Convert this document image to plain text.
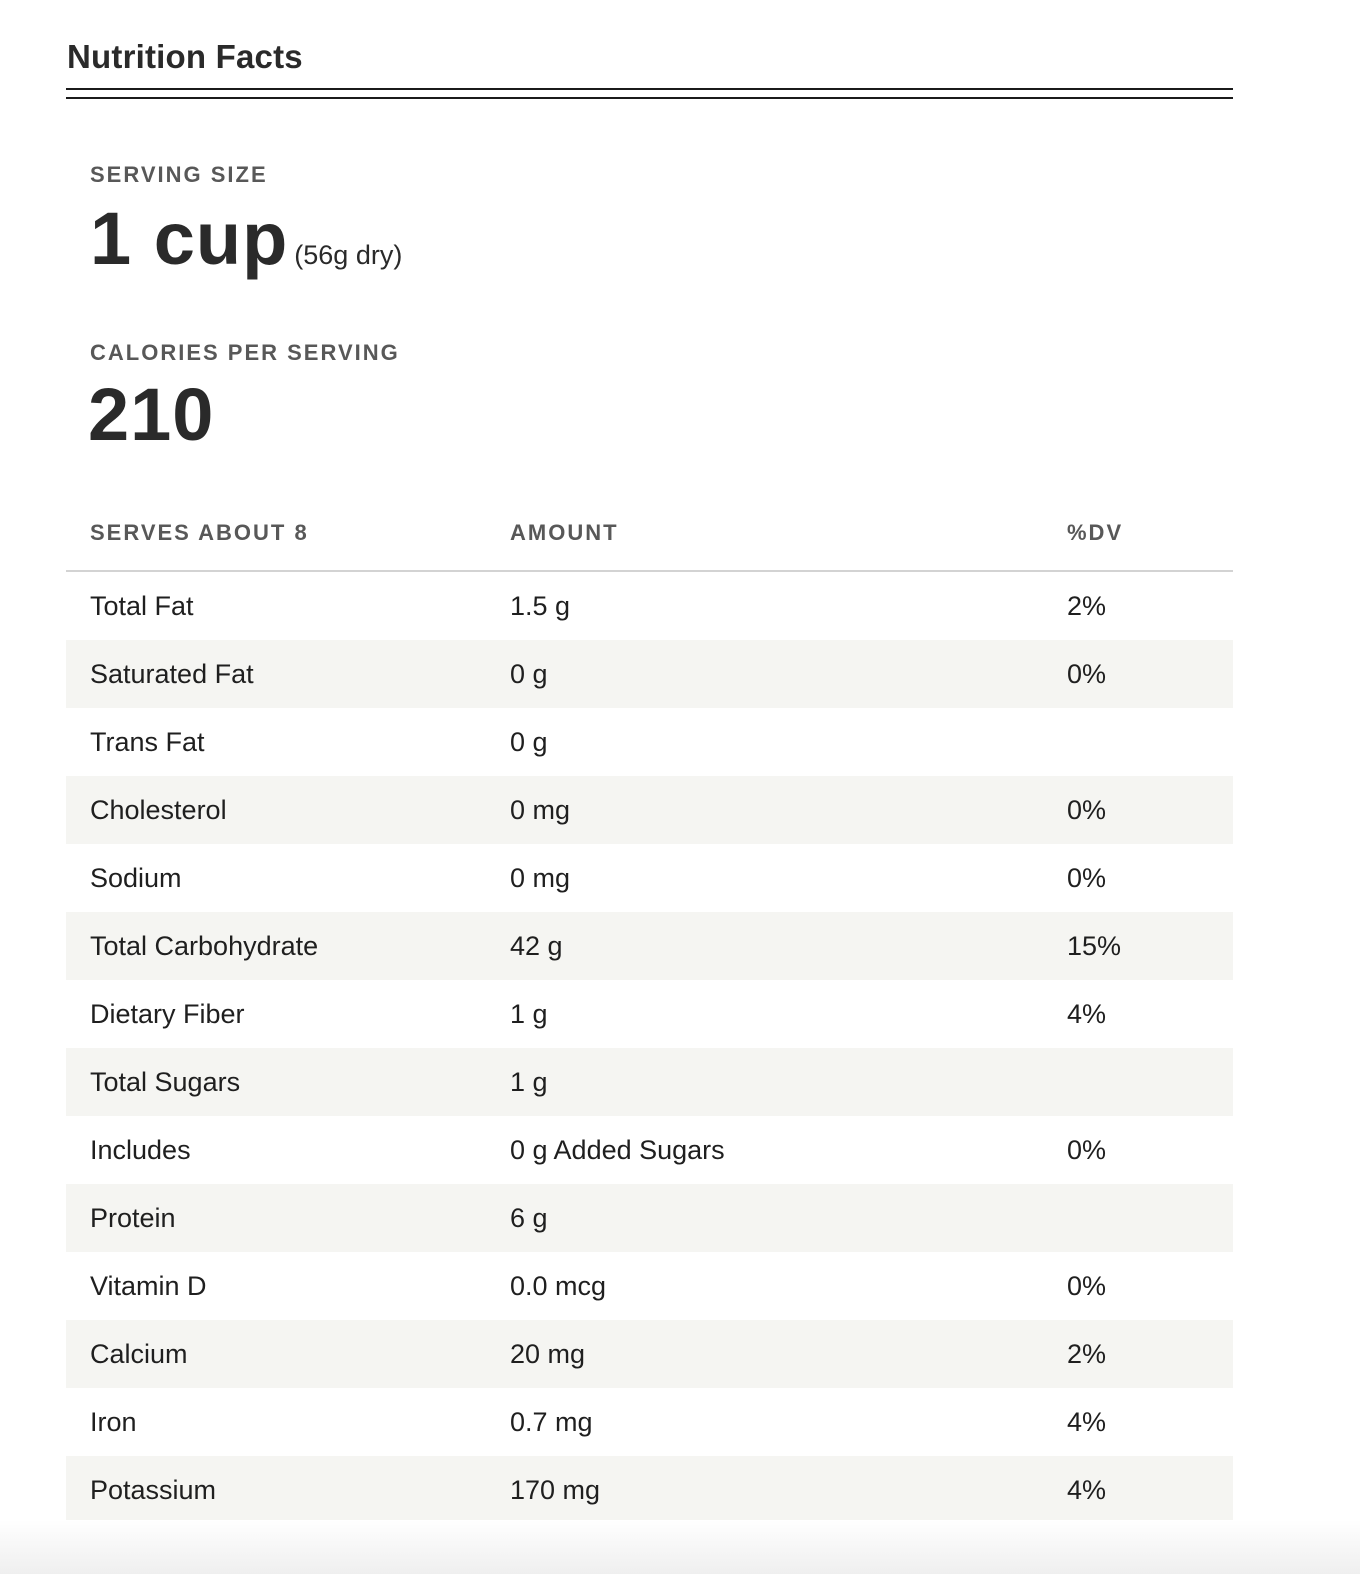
Nutrition Facts
SERVING SIZE
1 cup (56g dry)
CALORIES PER SERVING
210
SERVES ABOUT 8	AMOUNT	%DV
Total Fat	1.5 g	2%
Saturated Fat	0 g	0%
Trans Fat	0 g
Cholesterol	0 mg	0%
Sodium	0 mg	0%
Total Carbohydrate	42 g	15%
Dietary Fiber	1 g	4%
Total Sugars	1 g
Includes	0 g Added Sugars	0%
Protein	6 g
Vitamin D	0.0 mcg	0%
Calcium	20 mg	2%
Iron	0.7 mg	4%
Potassium	170 mg	4%
